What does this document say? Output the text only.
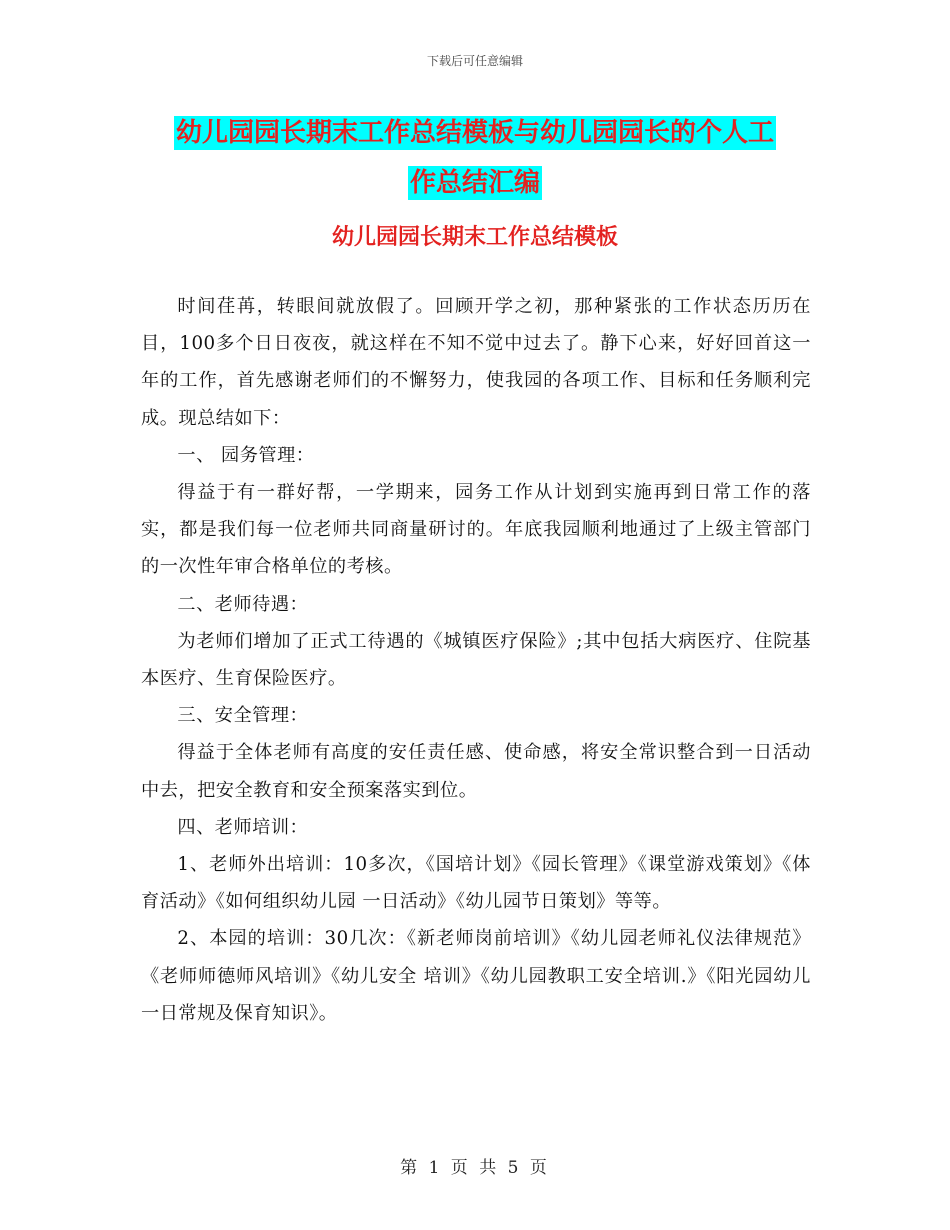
下载后可任意编辑
幼儿园园长期末工作总结模板与幼儿园园长的个人工
作总结汇编
幼儿园园长期末工作总结模板

时间荏苒，转眼间就放假了。回顾开学之初，那种紧张的工作状态历历在目，100多个日日夜夜，就这样在不知不觉中过去了。静下心来，好好回首这一年的工作，首先感谢老师们的不懈努力，使我园的各项工作、目标和任务顺利完成。现总结如下：

一、 园务管理：

得益于有一群好帮，一学期来，园务工作从计划到实施再到日常工作的落实，都是我们每一位老师共同商量研讨的。年底我园顺利地通过了上级主管部门的一次性年审合格单位的考核。

二、老师待遇：

为老师们增加了正式工待遇的《城镇医疗保险》;其中包括大病医疗、住院基本医疗、生育保险医疗。

三、安全管理：

得益于全体老师有高度的安任责任感、使命感，将安全常识整合到一日活动中去，把安全教育和安全预案落实到位。

四、老师培训：

1、老师外出培训：10多次，《国培计划》《园长管理》《课堂游戏策划》《体育活动》《如何组织幼儿园 一日活动》《幼儿园节日策划》等等。

2、本园的培训：30几次：《新老师岗前培训》《幼儿园老师礼仪法律规范》《老师师德师风培训》《幼儿安全 培训》《幼儿园教职工安全培训.》《阳光园幼儿一日常规及保育知识》。

第 1 页 共 5 页
